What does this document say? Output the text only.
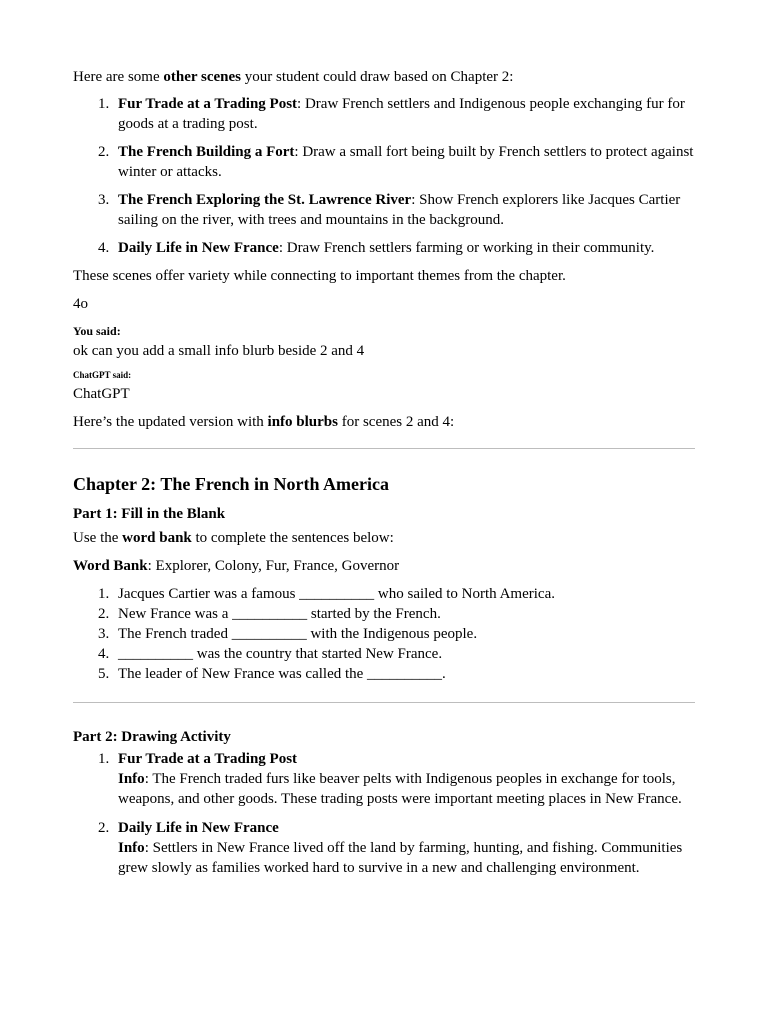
Here are some other scenes your student could draw based on Chapter 2:

1. Fur Trade at a Trading Post: Draw French settlers and Indigenous people exchanging fur for goods at a trading post.
2. The French Building a Fort: Draw a small fort being built by French settlers to protect against winter or attacks.
3. The French Exploring the St. Lawrence River: Show French explorers like Jacques Cartier sailing on the river, with trees and mountains in the background.
4. Daily Life in New France: Draw French settlers farming or working in their community.

These scenes offer variety while connecting to important themes from the chapter.

4o

You said:

ok can you add a small info blurb beside 2 and 4

ChatGPT said:

ChatGPT

Here’s the updated version with info blurbs for scenes 2 and 4:

Chapter 2: The French in North America
Part 1: Fill in the Blank

Use the word bank to complete the sentences below:

Word Bank: Explorer, Colony, Fur, France, Governor

1. Jacques Cartier was a famous __________ who sailed to North America.
2. New France was a __________ started by the French.
3. The French traded __________ with the Indigenous people.
4. __________ was the country that started New France.
5. The leader of New France was called the __________.
Part 2: Drawing Activity
1. Fur Trade at a Trading Post
Info: The French traded furs like beaver pelts with Indigenous peoples in exchange for tools, weapons, and other goods. These trading posts were important meeting places in New France.
2. Daily Life in New France
Info: Settlers in New France lived off the land by farming, hunting, and fishing. Communities grew slowly as families worked hard to survive in a new and challenging environment.
